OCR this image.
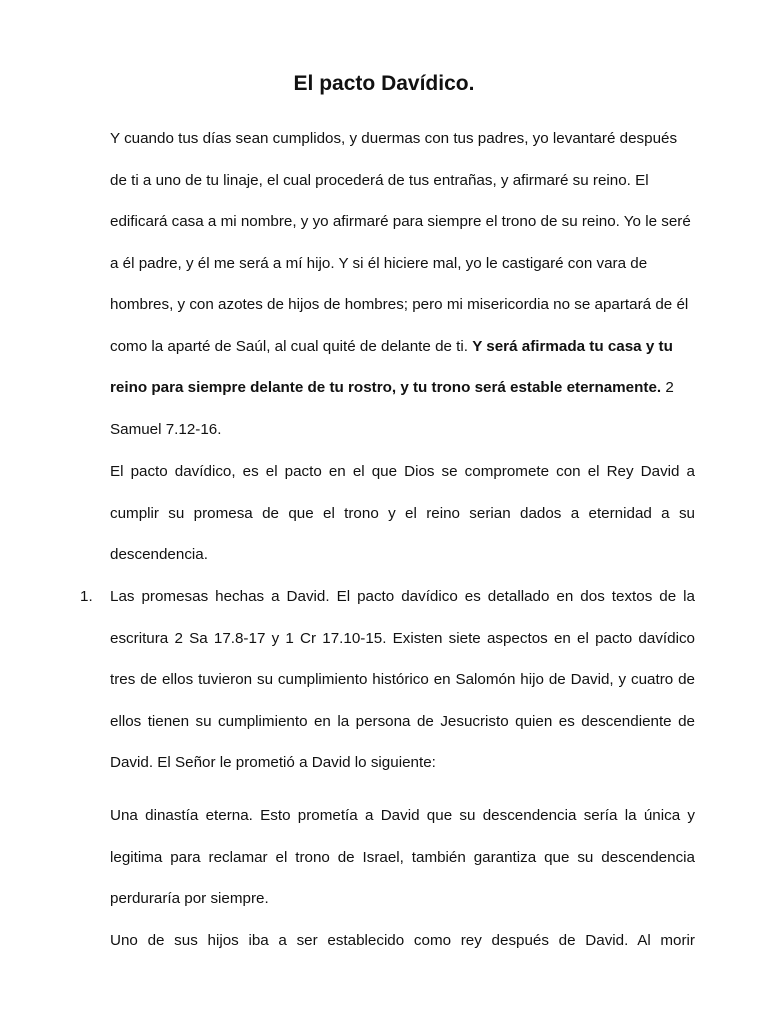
El pacto Davídico.

Y cuando tus días sean cumplidos, y duermas con tus padres, yo levantaré después de ti a uno de tu linaje, el cual procederá de tus entrañas, y afirmaré su reino. El edificará casa a mi nombre, y yo afirmaré para siempre el trono de su reino. Yo le seré a él padre, y él me será a mí hijo. Y si él hiciere mal, yo le castigaré con vara de hombres, y con azotes de hijos de hombres; pero mi misericordia no se apartará de él como la aparté de Saúl, al cual quité de delante de ti. Y será afirmada tu casa y tu reino para siempre delante de tu rostro, y tu trono será estable eternamente. 2 Samuel 7.12-16.

El pacto davídico, es el pacto en el que Dios se compromete con el Rey David a cumplir su promesa de que el trono y el reino serian dados a eternidad a su descendencia.

1. Las promesas hechas a David. El pacto davídico es detallado en dos textos de la escritura 2 Sa 17.8-17 y 1 Cr 17.10-15. Existen siete aspectos en el pacto davídico tres de ellos tuvieron su cumplimiento histórico en Salomón hijo de David, y cuatro de ellos tienen su cumplimiento en la persona de Jesucristo quien es descendiente de David. El Señor le prometió a David lo siguiente:

Una dinastía eterna. Esto prometía a David que su descendencia sería la única y legitima para reclamar el trono de Israel, también garantiza que su descendencia perduraría por siempre.

Uno de sus hijos iba a ser establecido como rey después de David. Al morir
